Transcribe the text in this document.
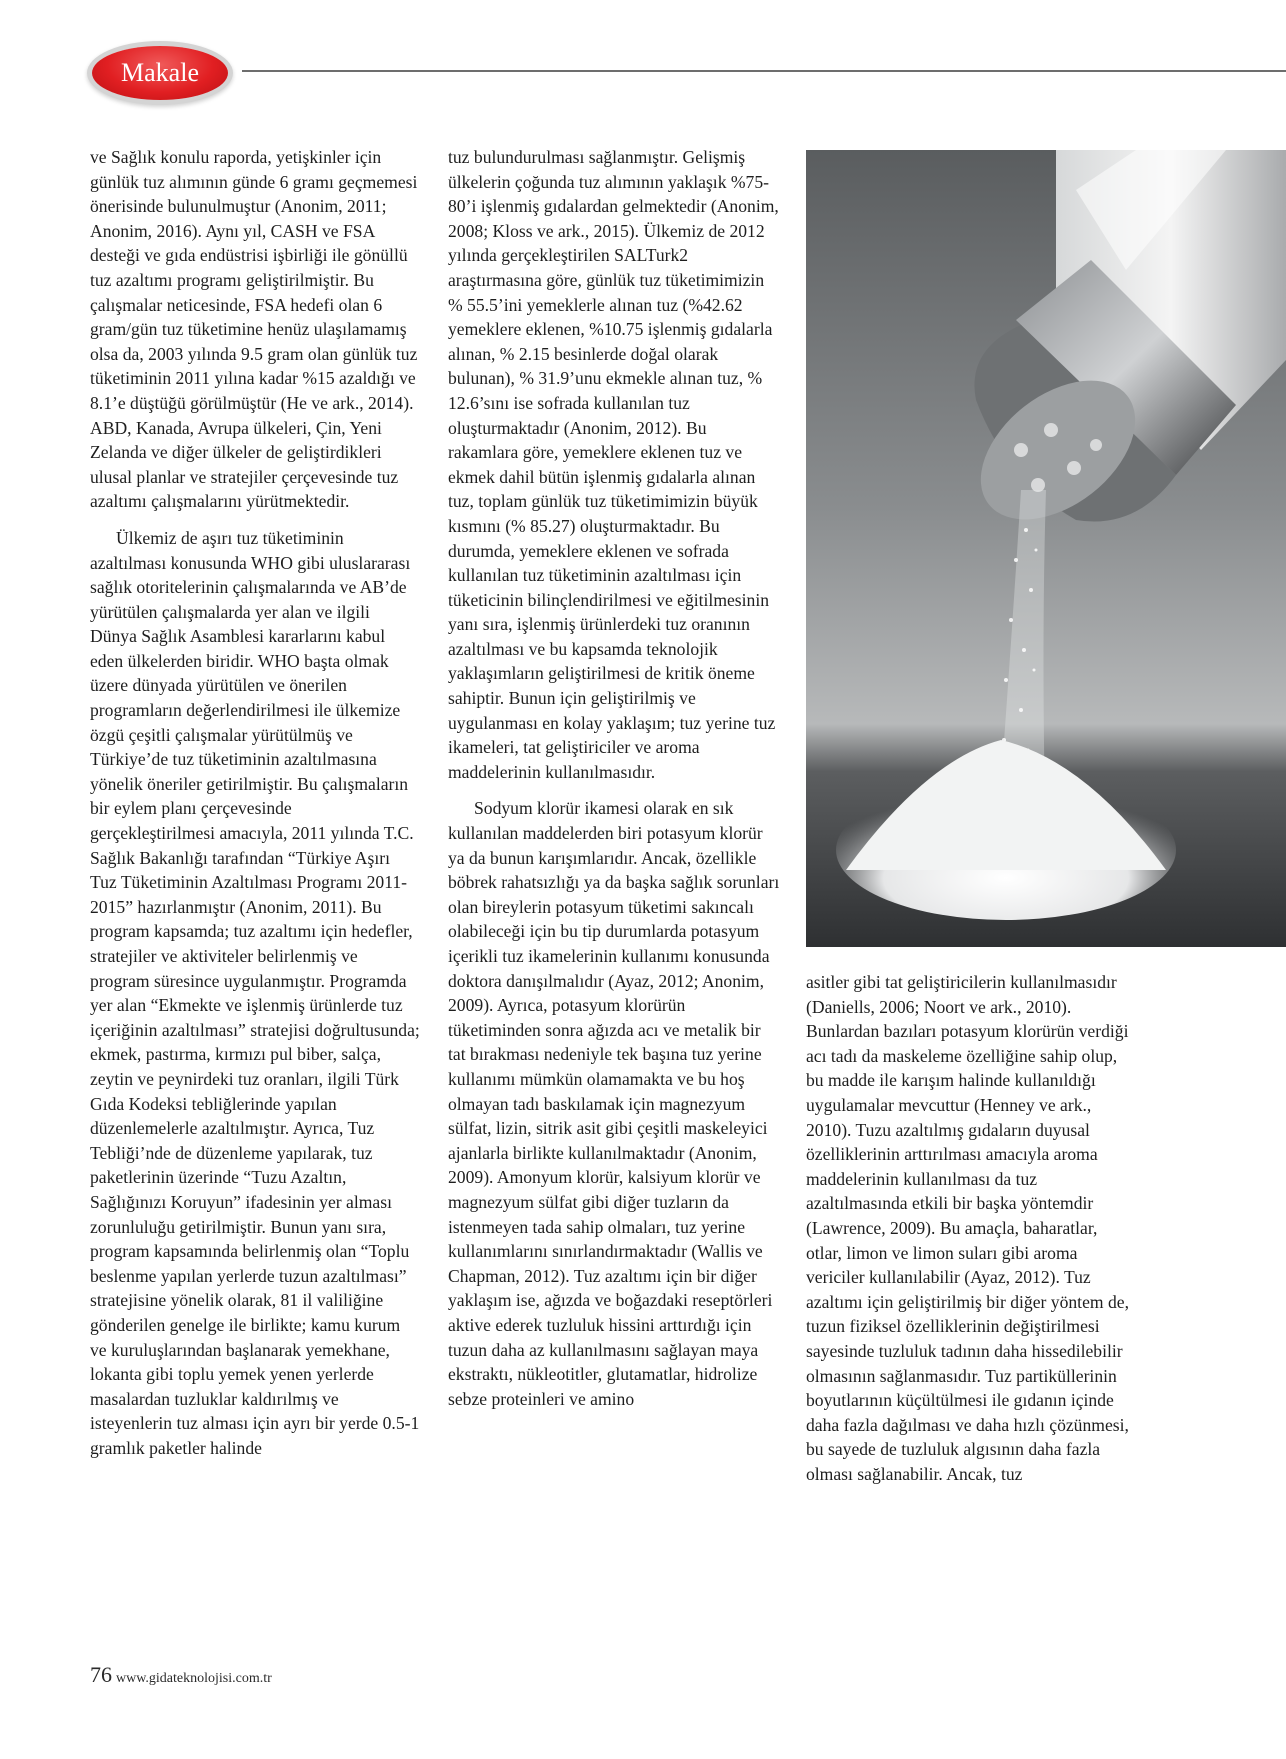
Makale

ve Sağlık konulu raporda, yetişkinler için günlük tuz alımının günde 6 gramı geçmemesi önerisinde bulunulmuştur (Anonim, 2011; Anonim, 2016). Aynı yıl, CASH ve FSA desteği ve gıda endüstrisi işbirliği ile gönüllü tuz azaltımı programı geliştirilmiştir. Bu çalışmalar neticesinde, FSA hedefi olan 6 gram/gün tuz tüketimine henüz ulaşılamamış olsa da, 2003 yılında 9.5 gram olan günlük tuz tüketiminin 2011 yılına kadar %15 azaldığı ve 8.1’e düştüğü görülmüştür (He ve ark., 2014). ABD, Kanada, Avrupa ülkeleri, Çin, Yeni Zelanda ve diğer ülkeler de geliştirdikleri ulusal planlar ve stratejiler çerçevesinde tuz azaltımı çalışmalarını yürütmektedir.

Ülkemiz de aşırı tuz tüketiminin azaltılması konusunda WHO gibi uluslararası sağlık otoritelerinin çalışmalarında ve AB’de yürütülen çalışmalarda yer alan ve ilgili Dünya Sağlık Asamblesi kararlarını kabul eden ülkelerden biridir. WHO başta olmak üzere dünyada yürütülen ve önerilen programların değerlendirilmesi ile ülkemize özgü çeşitli çalışmalar yürütülmüş ve Türkiye’de tuz tüketiminin azaltılmasına yönelik öneriler getirilmiştir. Bu çalışmaların bir eylem planı çerçevesinde gerçekleştirilmesi amacıyla, 2011 yılında T.C. Sağlık Bakanlığı tarafından “Türkiye Aşırı Tuz Tüketiminin Azaltılması Programı 2011-2015” hazırlanmıştır (Anonim, 2011). Bu program kapsamda; tuz azaltımı için hedefler, stratejiler ve aktiviteler belirlenmiş ve program süresince uygulanmıştır. Programda yer alan “Ekmekte ve işlenmiş ürünlerde tuz içeriğinin azaltılması” stratejisi doğrultusunda; ekmek, pastırma, kırmızı pul biber, salça, zeytin ve peynirdeki tuz oranları, ilgili Türk Gıda Kodeksi tebliğlerinde yapılan düzenlemelerle azaltılmıştır. Ayrıca, Tuz Tebliği’nde de düzenleme yapılarak, tuz paketlerinin üzerinde “Tuzu Azaltın, Sağlığınızı Koruyun” ifadesinin yer alması zorunluluğu getirilmiştir. Bunun yanı sıra, program kapsamında belirlenmiş olan “Toplu beslenme yapılan yerlerde tuzun azaltılması” stratejisine yönelik olarak, 81 il valiliğine gönderilen genelge ile birlikte; kamu kurum ve kuruluşlarından başlanarak yemekhane, lokanta gibi toplu yemek yenen yerlerde masalardan tuzluklar kaldırılmış ve isteyenlerin tuz alması için ayrı bir yerde 0.5-1 gramlık paketler halinde

tuz bulundurulması sağlanmıştır. Gelişmiş ülkelerin çoğunda tuz alımının yaklaşık %75-80’i işlenmiş gıdalardan gelmektedir (Anonim, 2008; Kloss ve ark., 2015). Ülkemiz de 2012 yılında gerçekleştirilen SALTurk2 araştırmasına göre, günlük tuz tüketimimizin % 55.5’ini yemeklerle alınan tuz (%42.62 yemeklere eklenen, %10.75 işlenmiş gıdalarla alınan, % 2.15 besinlerde doğal olarak bulunan), % 31.9’unu ekmekle alınan tuz, % 12.6’sını ise sofrada kullanılan tuz oluşturmaktadır (Anonim, 2012). Bu rakamlara göre, yemeklere eklenen tuz ve ekmek dahil bütün işlenmiş gıdalarla alınan tuz, toplam günlük tuz tüketimimizin büyük kısmını (% 85.27) oluşturmaktadır. Bu durumda, yemeklere eklenen ve sofrada kullanılan tuz tüketiminin azaltılması için tüketicinin bilinçlendirilmesi ve eğitilmesinin yanı sıra, işlenmiş ürünlerdeki tuz oranının azaltılması ve bu kapsamda teknolojik yaklaşımların geliştirilmesi de kritik öneme sahiptir. Bunun için geliştirilmiş ve uygulanması en kolay yaklaşım; tuz yerine tuz ikameleri, tat geliştiriciler ve aroma maddelerinin kullanılmasıdır.

Sodyum klorür ikamesi olarak en sık kullanılan maddelerden biri potasyum klorür ya da bunun karışımlarıdır. Ancak, özellikle böbrek rahatsızlığı ya da başka sağlık sorunları olan bireylerin potasyum tüketimi sakıncalı olabileceği için bu tip durumlarda potasyum içerikli tuz ikamelerinin kullanımı konusunda doktora danışılmalıdır (Ayaz, 2012; Anonim, 2009). Ayrıca, potasyum klorürün tüketiminden sonra ağızda acı ve metalik bir tat bırakması nedeniyle tek başına tuz yerine kullanımı mümkün olamamakta ve bu hoş olmayan tadı baskılamak için magnezyum sülfat, lizin, sitrik asit gibi çeşitli maskeleyici ajanlarla birlikte kullanılmaktadır (Anonim, 2009). Amonyum klorür, kalsiyum klorür ve magnezyum sülfat gibi diğer tuzların da istenmeyen tada sahip olmaları, tuz yerine kullanımlarını sınırlandırmaktadır (Wallis ve Chapman, 2012). Tuz azaltımı için bir diğer yaklaşım ise, ağızda ve boğazdaki reseptörleri aktive ederek tuzluluk hissini arttırdığı için tuzun daha az kullanılmasını sağlayan maya ekstraktı, nükleotitler, glutamatlar, hidrolize sebze proteinleri ve amino

asitler gibi tat geliştiricilerin kullanılmasıdır (Daniells, 2006; Noort ve ark., 2010). Bunlardan bazıları potasyum klorürün verdiği acı tadı da maskeleme özelliğine sahip olup, bu madde ile karışım halinde kullanıldığı uygulamalar mevcuttur (Henney ve ark., 2010). Tuzu azaltılmış gıdaların duyusal özelliklerinin arttırılması amacıyla aroma maddelerinin kullanılması da tuz azaltılmasında etkili bir başka yöntemdir (Lawrence, 2009). Bu amaçla, baharatlar, otlar, limon ve limon suları gibi aroma vericiler kullanılabilir (Ayaz, 2012). Tuz azaltımı için geliştirilmiş bir diğer yöntem de, tuzun fiziksel özelliklerinin değiştirilmesi sayesinde tuzluluk tadının daha hissedilebilir olmasının sağlanmasıdır. Tuz partiküllerinin boyutlarının küçültülmesi ile gıdanın içinde daha fazla dağılması ve daha hızlı çözünmesi, bu sayede de tuzluluk algısının daha fazla olması sağlanabilir. Ancak, tuz

76 www.gidateknolojisi.com.tr
